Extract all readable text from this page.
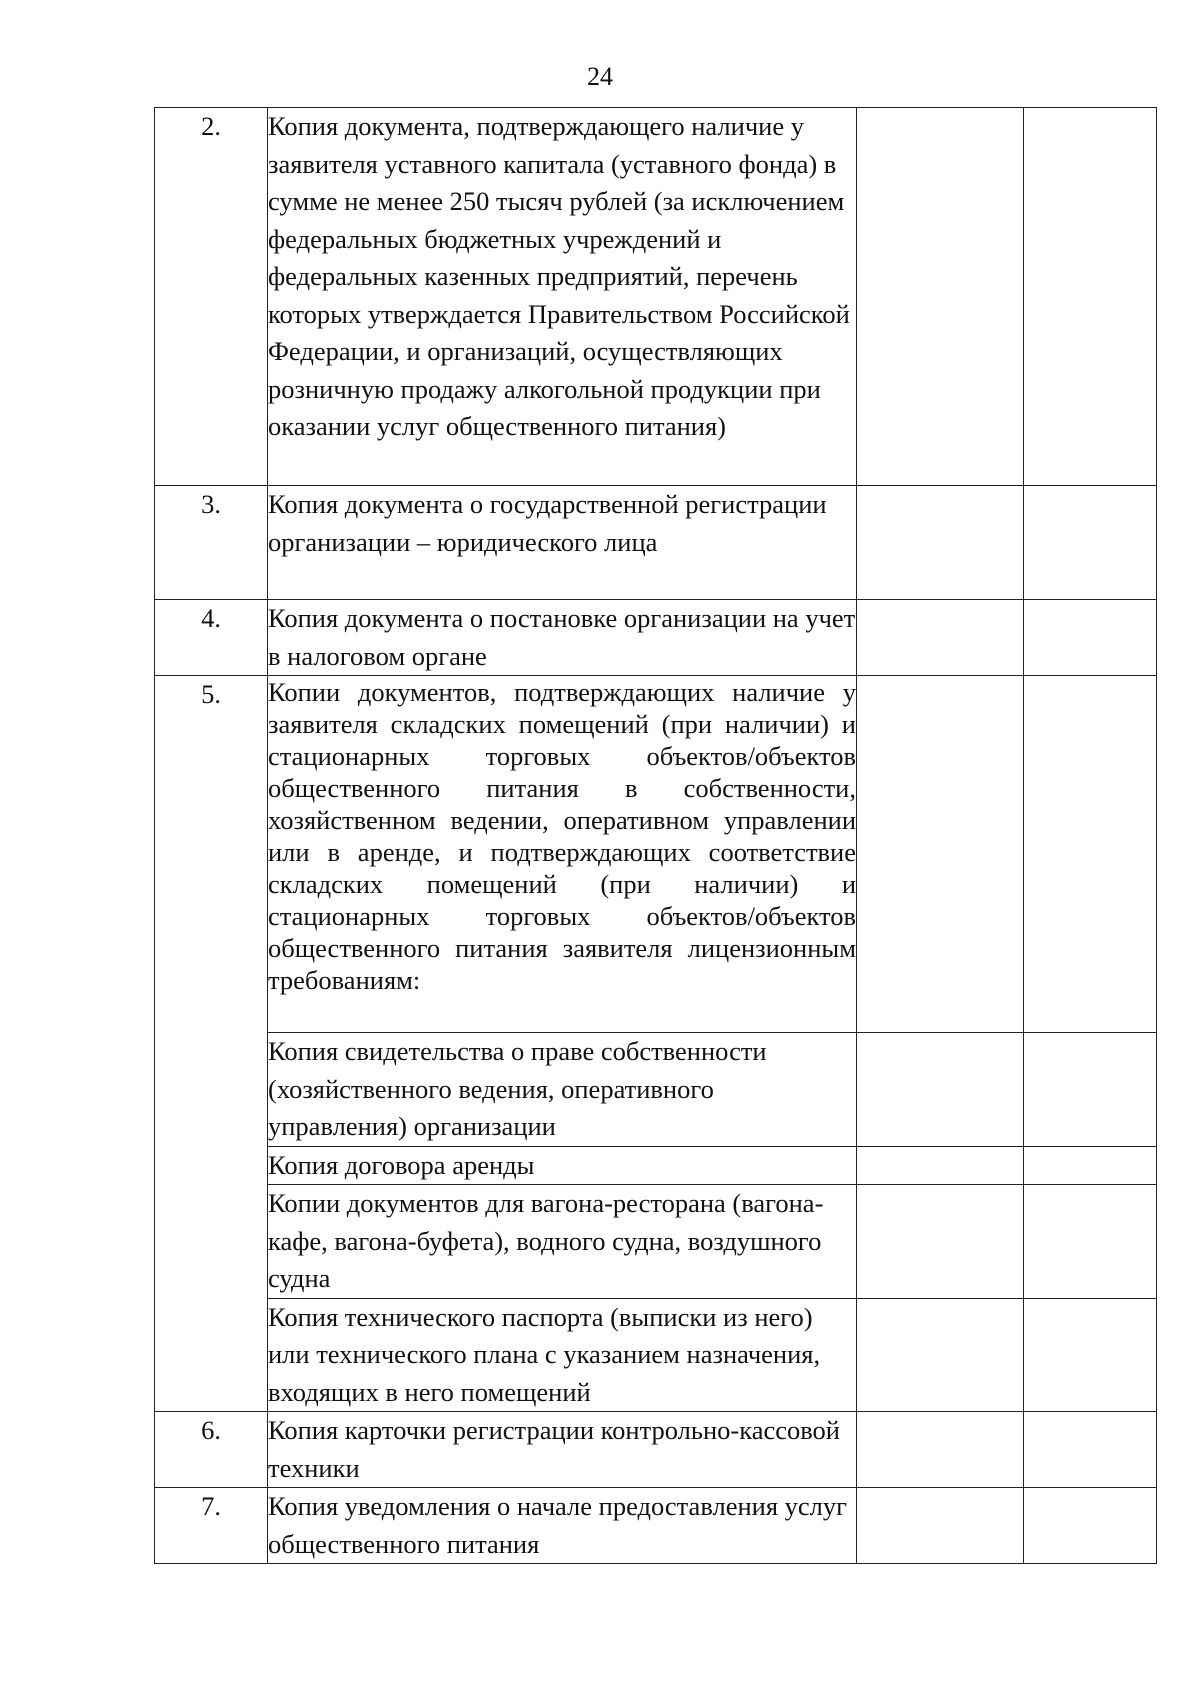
24
2.	Копия документа, подтверждающего наличие у заявителя уставного капитала (уставного фонда) в сумме не менее 250 тысяч рублей (за исключением федеральных бюджетных учреждений и федеральных казенных предприятий, перечень которых утверждается Правительством Российской Федерации, и организаций, осуществляющих розничную продажу алкогольной продукции при оказании услуг общественного питания)		
3.	Копия документа о государственной регистрации организации – юридического лица		
4.	Копия документа о постановке организации на учет в налоговом органе		
5.	Копии документов, подтверждающих наличие у заявителя складских помещений (при наличии) и стационарных торговых объектов/объектов общественного питания в собственности, хозяйственном ведении, оперативном управлении или в аренде, и подтверждающих соответствие складских помещений (при наличии) и стационарных торговых объектов/объектов общественного питания заявителя лицензионным
требованиям:		

	Копия свидетельства о праве собственности (хозяйственного ведения, оперативного управления) организации		
	Копия договора аренды		
	Копии документов для вагона-ресторана (вагона-кафе, вагона-буфета), водного судна, воздушного судна		
	Копия технического паспорта (выписки из него) или технического плана с указанием назначения, входящих в него помещений		
6.	Копия карточки регистрации контрольно-кассовой техники		
7.	Копия уведомления о начале предоставления услуг общественного питания		
